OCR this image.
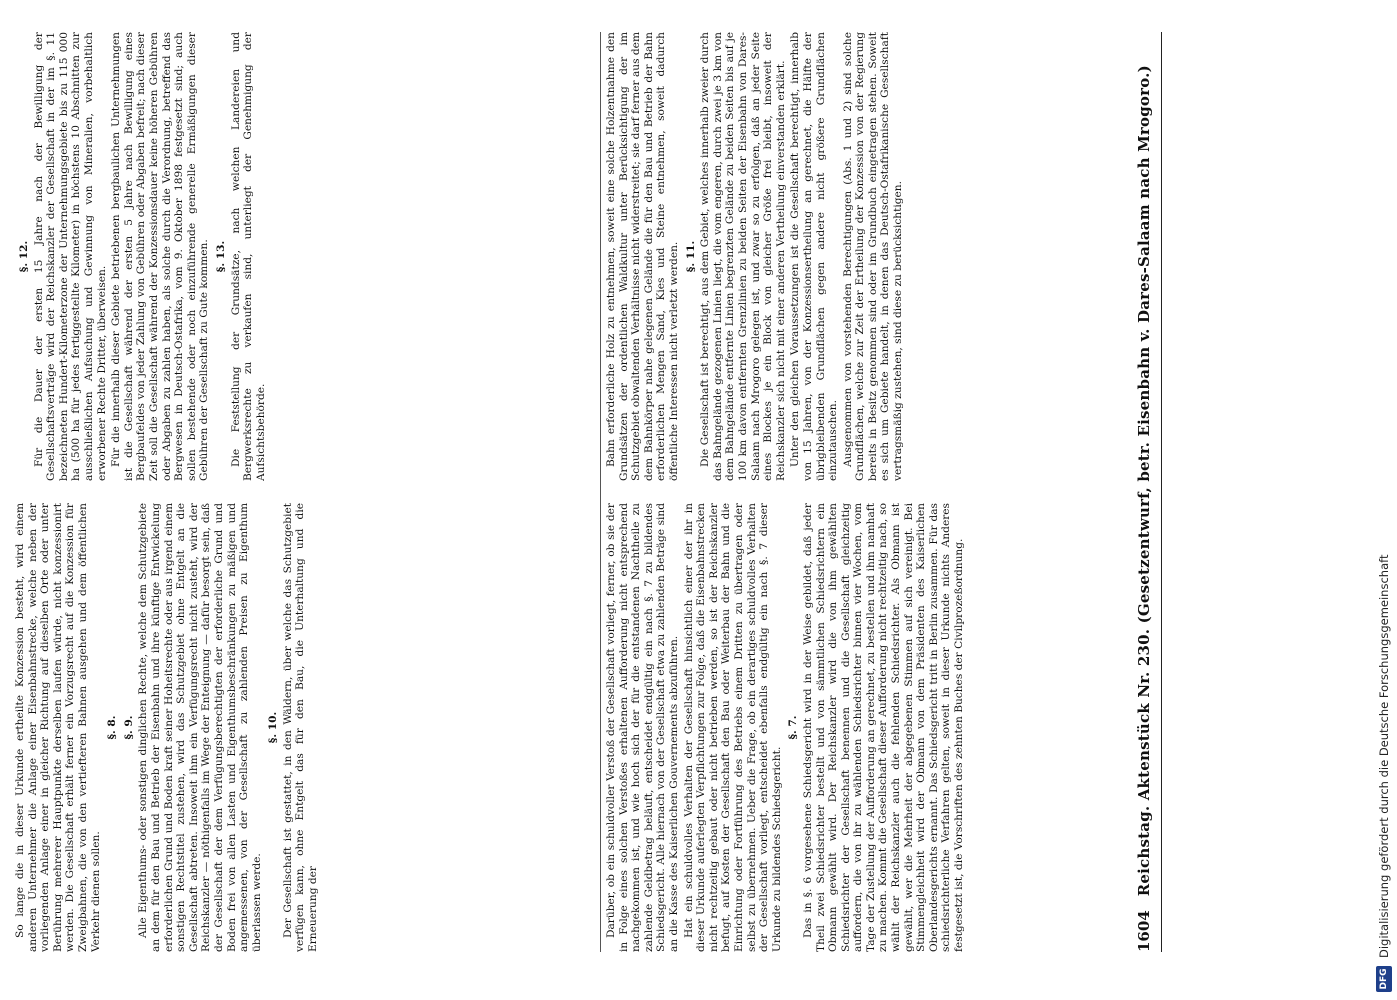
1604
Reichstag. Aktenstück Nr. 230. (Gesetzentwurf, betr. Eisenbahn v. Dares-Salaam nach Mrogoro.)

Darüber, ob ein schuldvoller Verstoß der Gesellschaft vorliegt, ferner, ob sie der in Folge eines solchen Verstoßes erhaltenen Aufforderung nicht entsprechend nachgekommen ist, und wie hoch sich der für die entstandenen Nachtheile zu zahlende Geldbetrag beläuft, entscheidet endgültig ein nach §. 7 zu bildendes Schiedsgericht. Alle hiernach von der Gesellschaft etwa zu zahlenden Beträge sind an die Kasse des Kaiserlichen Gouvernements abzuführen. Hat ein schuldvolles Verhalten der Gesellschaft hinsichtlich einer der ihr in dieser Urkunde auferlegten Verpflichtungen zur Folge, daß die Eisenbahnstrecken nicht rechtzeitig gebaut oder nicht betrieben werden, so ist der Reichskanzler befugt, auf Kosten der Gesellschaft den Bau oder Weiterbau der Bahn und die Einrichtung oder Fortführung des Betriebs einem Dritten zu übertragen oder selbst zu übernehmen. Ueber die Frage, ob ein derartiges schuldvolles Verhalten der Gesellschaft vorliegt, entscheidet ebenfalls endgültig ein nach §. 7 dieser Urkunde zu bildendes Schiedsgericht.

§. 7. Das in §. 6 vorgesehene Schiedsgericht wird in der Weise gebildet, daß jeder Theil zwei Schiedsrichter bestellt und von sämmtlichen Schiedsrichtern ein Obmann gewählt wird. Der Reichskanzler wird die von ihm gewählten Schiedsrichter der Gesellschaft benennen und die Gesellschaft gleichzeitig auffordern, die von ihr zu wählenden Schiedsrichter binnen vier Wochen, vom Tage der Zustellung der Aufforderung an gerechnet, zu bestellen und ihm namhaft zu machen. Kommt die Gesellschaft dieser Aufforderung nicht rechtzeitig nach, so wählt der Reichskanzler auch die fehlenden Schiedsrichter. Als Obmann ist gewählt, wer die Mehrheit der abgegebenen Stimmen auf sich vereinigt. Bei Stimmengleichheit wird der Obmann von dem Präsidenten des Kaiserlichen Oberlandesgerichts ernannt. Das Schiedsgericht tritt in Berlin zusammen. Für das schiedsrichterliche Verfahren gelten, soweit in dieser Urkunde nichts Anderes festgesetzt ist, die Vorschriften des zehnten Buches der Civilprozeßordnung.

Bahn erforderliche Holz zu entnehmen, soweit eine solche Holzentnahme den Grundsätzen der ordentlichen Waldkultur unter Berücksichtigung der im Schutzgebiet obwaltenden Verhältnisse nicht widerstreitet; sie darf ferner aus dem dem Bahnkörper nahe gelegenen Gelände die für den Bau und Betrieb der Bahn erforderlichen Mengen Sand, Kies und Steine entnehmen, soweit dadurch öffentliche Interessen nicht verletzt werden. §. 11. Die Gesellschaft ist berechtigt, aus dem Gebiet, welches innerhalb zweier durch das Bahngelände gezogenen Linien liegt, die vom engeren, durch zwei je 3 km von dem Bahngelände entfernte Linien begrenzten Gelände zu beiden Seiten bis auf je 100 km davon entfernten Grenzlinien zu beiden Seiten der Eisenbahn von Dares-Salaam nach Mrogoro gelegen ist, und zwar so zu erfolgen, daß an jeder Seite eines Blockes je ein Block von gleicher Größe frei bleibt, insoweit der Reichskanzler sich nicht mit einer anderen Vertheilung einverstanden erklärt. Unter den gleichen Voraussetzungen ist die Gesellschaft berechtigt, innerhalb von 15 Jahren, von der Konzessionsertheilung an gerechnet, die Hälfte der übrigbleibenden Grundflächen gegen andere nicht größere Grundflächen einzutauschen. Ausgenommen von vorstehenden Berechtigungen (Abs. 1 und 2) sind solche Grundflächen, welche zur Zeit der Ertheilung der Konzession von der Regierung bereits in Besitz genommen sind oder im Grundbuch eingetragen stehen. Soweit es sich um Gebiete handelt, in denen das Deutsch-Ostafrikanische Gesellschaft vertragsmäßig zustehen, sind diese zu berücksichtigen.

So lange die in dieser Urkunde ertheilte Konzession besteht, wird einem anderen Unternehmer die Anlage einer Eisenbahnstrecke, welche neben der vorliegenden Anlage einer in gleicher Richtung auf dieselben Orte oder unter Berührung mehrerer Hauptpunkte derselben laufen würde, nicht konzessionirt werden. Die Gesellschaft erhält ferner ein Vorzugsrecht auf die Konzession für Zweigbahnen, die von den vertiefteren Bahnen ausgehen und dem öffentlichen Verkehr dienen sollen.

§. 8. §. 9. Alle Eigenthums- oder sonstigen dinglichen Rechte, welche dem Schutzgebiete an dem für den Bau und Betrieb der Eisenbahn und ihre künftige Entwickelung erforderlichen Grund und Boden kraft seiner Hoheitsrechte oder aus irgend einem sonstigen Rechtstitel zustehen, wird das Schutzgebiet ohne Entgelt an die Gesellschaft abtreten. Insoweit ihm ein Verfügungsrecht nicht zusteht, wird der Reichskanzler — nöthigenfalls im Wege der Enteignung — dafür besorgt sein, daß der Gesellschaft der dem Verfügungsberechtigten der erforderliche Grund und Boden frei von allen Lasten und Eigenthumsbeschränkungen zu mäßigen und angemessenen, von der Gesellschaft zu zahlenden Preisen zu Eigenthum überlassen werde.

§. 10. Der Gesellschaft ist gestattet, in den Wäldern, über welche das Schutzgebiet verfügen kann, ohne Entgelt das für den Bau, die Unterhaltung und die Erneuerung der

§. 12. Für die Dauer der ersten 15 Jahre nach der Bewilligung der Gesellschaftsverträge wird der Reichskanzler der Gesellschaft in der im §. 11 bezeichneten Hundert-Kilometerzone der Unternehmungsgebiete bis zu 115 000 ha (500 ha für jedes fertiggestellte Kilometer) in höchstens 10 Abschnitten zur ausschließlichen Aufsuchung und Gewinnung von Mineralien, vorbehaltlich erworbener Rechte Dritter, überweisen. Für die innerhalb dieser Gebiete betriebenen bergbaulichen Unternehmungen ist die Gesellschaft während der ersten 5 Jahre nach Bewilligung eines Bergbaufeldes von jeder Zahlung von Gebühren oder Abgaben befreit; nach dieser Zeit soll die Gesellschaft während der Konzessionsdauer keine höheren Gebühren oder Abgaben zu zahlen haben, als solche durch die Verordnung, betreffend das Bergwesen in Deutsch-Ostafrika, vom 9. Oktober 1898 festgesetzt sind; auch sollen bestehende oder noch einzuführende generelle Ermäßigungen dieser Gebühren der Gesellschaft zu Gute kommen. §. 13. Die Feststellung der Grundsätze, nach welchen Landereien und Bergwerksrechte zu verkaufen sind, unterliegt der Genehmigung der Aufsichtsbehörde.

DFG
Digitalisierung gefördert durch die Deutsche Forschungsgemeinschaft
